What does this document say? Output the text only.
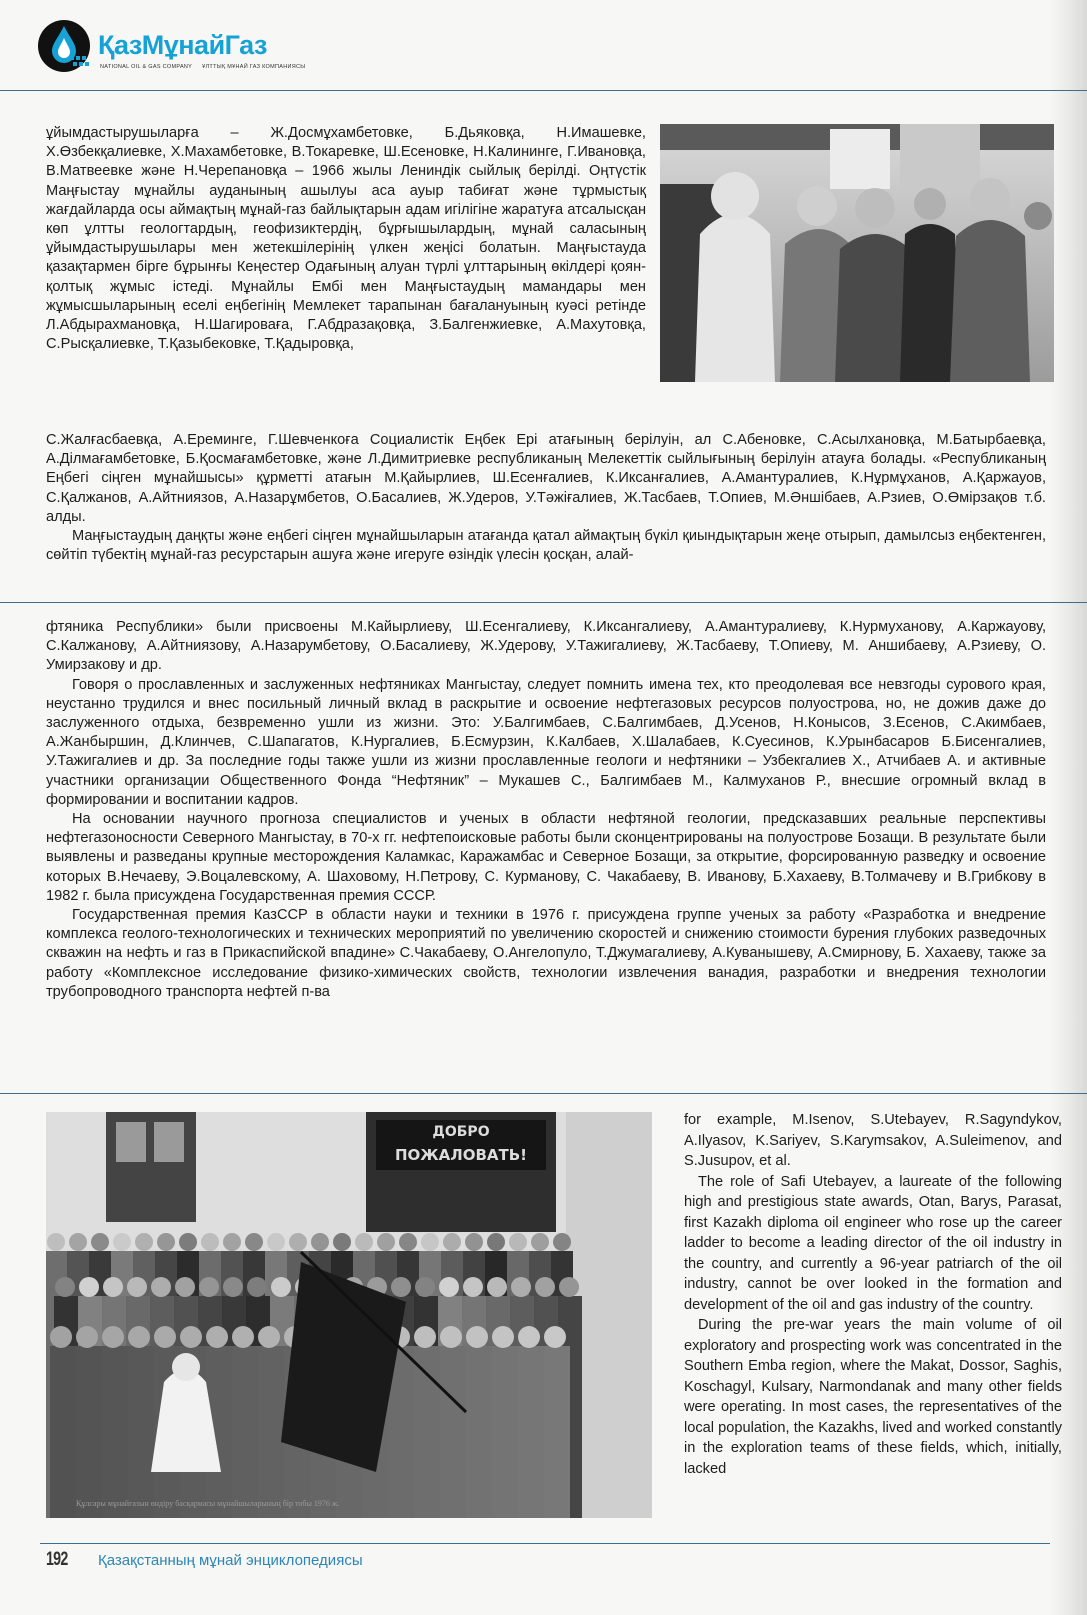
ҚазМұнайГаз
NATIONAL OIL & GAS COMPANY ҰЛТТЫҚ МҰНАЙ ГАЗ КОМПАНИЯСЫ

ұйымдастырушыларға – Ж.Досмұхамбетовке, Б.Дьяковқа, Н.Имашевке, Х.Өзбекқалиевке, Х.Махамбетовке, В.Токаревке, Ш.Есеновке, Н.Калининге, Г.Ивановқа, В.Матвеевке және Н.Черепановқа – 1966 жылы Лениндік сыйлық берілді. Оңтүстік Маңғыстау мұнайлы ауданының ашылуы аса ауыр табиғат және тұрмыстық жағдайларда осы аймақтың мұнай-газ байлықтарын адам игілігіне жаратуға атсалысқан көп ұлтты геологтардың, геофизиктердің, бұрғышылардың, мұнай саласының ұйымдастырушылары мен жетекшілерінің үлкен жеңісі болатын. Маңғыстауда қазақтармен бірге бұрынғы Кеңестер Одағының алуан түрлі ұлттарының өкілдері қоян-қолтық жұмыс істеді. Мұнайлы Ембі мен Маңғыстаудың мамандары мен жұмысшыларының еселі еңбегінің Мемлекет тарапынан бағалануының куәсі ретінде Л.Абдырахмановқа, Н.Шагироваға, Г.Абдразақовқа, З.Балгенжиевке, А.Махутовқа, С.Рысқалиевке, Т.Қазыбековке, Т.Қадыровқа,

С.Жалғасбаевқа, А.Еремингe, Г.Шевченкоға Социалистік Еңбек Ері атағының берілуін, ал С.Абеновке, С.Асылхановқа, М.Батырбаевқа, А.Ділмағамбетовке, Б.Қосмағамбетовке, және Л.Димитриевке республиканың Мелекеттік сыйлығының берілуін атауға болады. «Республиканың Еңбегі сіңген мұнайшысы» құрметті атағын М.Қайырлиев, Ш.Есенғалиев, К.Иксанғалиев, А.Амантуралиев, К.Нұрмұханов, А.Қаржауов, С.Қалжанов, А.Айтниязов, А.Назарұмбетов, О.Басалиев, Ж.Удеров, У.Тәжiғалиев, Ж.Тасбаев, Т.Опиев, М.Әншібаев, А.Рзиев, О.Өмірзақов т.б. алды.

Маңғыстаудың даңқты және еңбегі сіңген мұнайшыларын атағанда қатал аймақтың бүкіл қиындықтарын жеңе отырып, дамылсыз еңбектенген, сөйтіп түбектің мұнай-газ ресурстарын ашуға және игеруге өзіндік үлесін қосқан, алай-

фтяника Республики» были присвоены М.Кайырлиеву, Ш.Есенгалиеву, К.Иксангалиеву, А.Амантуралиеву, К.Нурмуханову, А.Каржауову, С.Калжанову, А.Айтниязову, А.Назарумбетову, О.Басалиеву, Ж.Удерову, У.Тажигалиеву, Ж.Тасбаеву, Т.Опиеву, М. Аншибаеву, А.Рзиеву, О. Умирзакову и др.

Говоря о прославленных и заслуженных нефтяниках Мангыстау, следует помнить имена тех, кто преодолевая все невзгоды сурового края, неустанно трудился и внес посильный личный вклад в раскрытие и освоение нефтегазовых ресурсов полуострова, но, не дожив даже до заслуженного отдыха, безвременно ушли из жизни. Это: У.Балгимбаев, С.Балгимбаев, Д.Усенов, Н.Конысов, З.Есенов, С.Акимбаев, А.Жанбыршин, Д.Клинчев, С.Шапагатов, К.Нургалиев, Б.Есмурзин, К.Калбаев, Х.Шалабаев, К.Суесинов, К.Урынбасаров Б.Бисенгалиев, У.Тажигалиев и др. За последние годы также ушли из жизни прославленные геологи и нефтяники – Узбекгалиев Х., Атчибаев А. и активные участники организации Общественного Фонда “Нефтяник” – Мукашев С., Балгимбаев М., Калмуханов Р., внесшие огромный вклад в формировании и воспитании кадров.

На основании научного прогноза специалистов и ученых в области нефтяной геологии, предсказавших реальные перспективы нефтегазоносности Северного Мангыстау, в 70-х гг. нефтепоисковые работы были сконцентрированы на полуострове Бозащи. В результате были выявлены и разведаны крупные месторождения Каламкас, Каражамбас и Северное Бозащи, за открытие, форсированную разведку и освоение которых В.Нечаеву, Э.Воцалевскому, А. Шаховому, Н.Петрову, С. Курманову, С. Чакабаеву, В. Иванову, Б.Хахаеву, В.Толмачеву и В.Грибкову в 1982 г. была присуждена Государственная премия СССР.

Государственная премия КазССР в области науки и техники в 1976 г. присуждена группе ученых за работу «Разработка и внедрение комплекса геолого-технологических и технических мероприятий по увеличению скоростей и снижению стоимости бурения глубоких разведочных скважин на нефть и газ в Прикаспийской впадине» С.Чакабаеву, О.Ангелопуло, Т.Джумагалиеву, А.Куванышеву, А.Смирнову, Б. Хахаеву, также за работу «Комплексное исследование физико-химических свойств, технологии извлечения ванадия, разработки и внедрения технологии трубопроводного транспорта нефтей п-ва

ДОБРО
ПОЖАЛОВАТЬ!
Құлсары мұнайгазын өндіру басқармасы мұнайшыларының бір тобы 1976 ж.

for example, M.Isenov, S.Utebayev, R.Sagyndykov, A.Ilyasov, K.Sariyev, S.Karymsakov, A.Suleimenov, and S.Jusupov, et al.

The role of Safi Utebayev, a laureate of the following high and prestigious state awards, Otan, Barys, Parasat, first Kazakh diploma oil engineer who rose up the career ladder to become a leading director of the oil industry in the country, and currently a 96-year patriarch of the oil industry, cannot be over looked in the formation and development of the oil and gas industry of the country.

During the pre-war years the main volume of oil exploratory and prospecting work was concentrated in the Southern Emba region, where the Makat, Dossor, Saghis, Koschagyl, Kulsary, Narmondanak and many other fields were operating. In most cases, the representatives of the local population, the Kazakhs, lived and worked constantly in the exploration teams of these fields, which, initially, lacked

192 Қазақстанның мұнай энциклопедиясы
